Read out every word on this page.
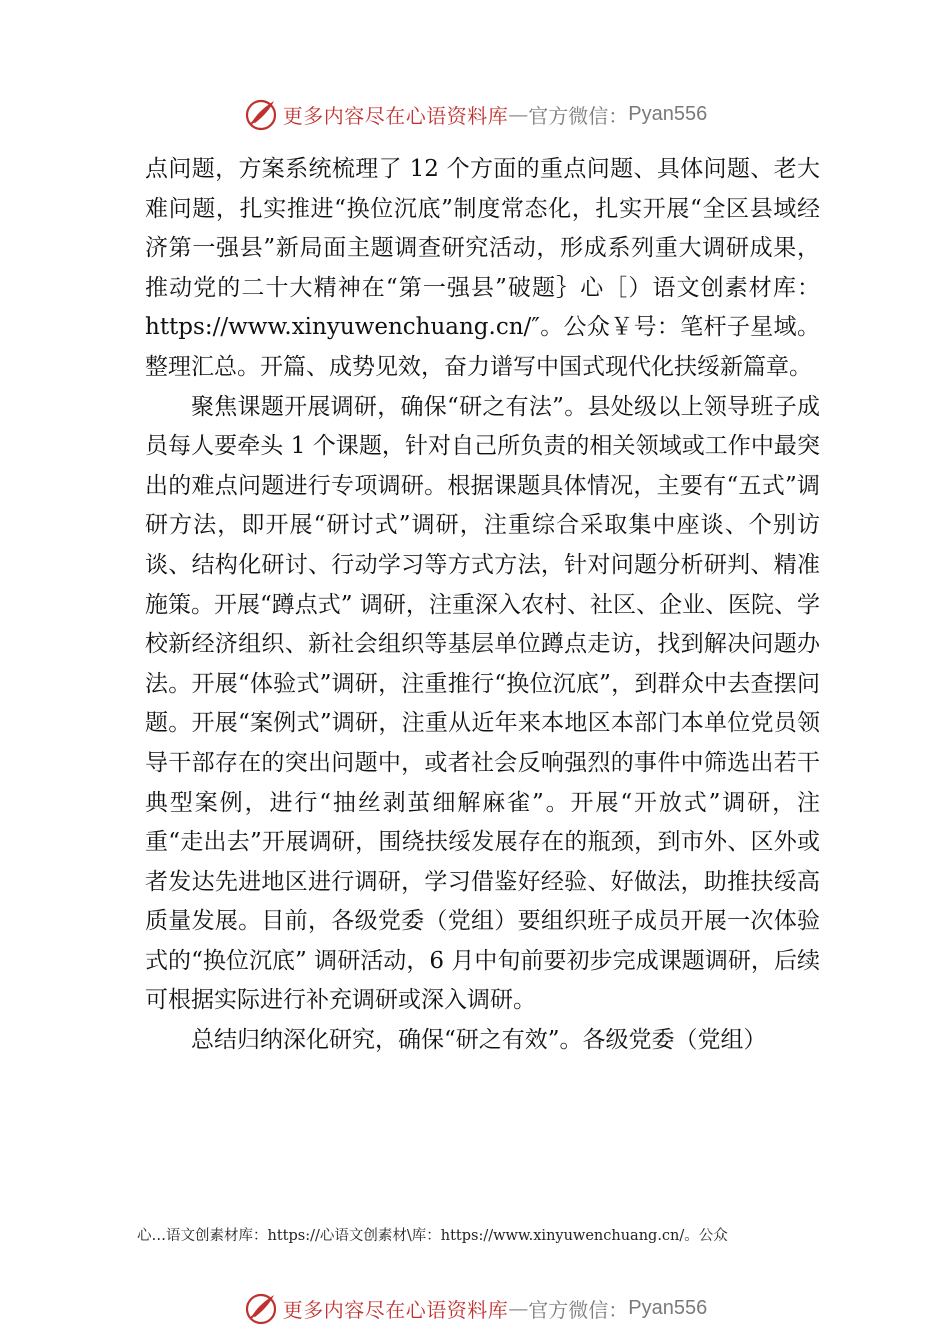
更多内容尽在心语资料库 — 官方微信： Pyan556

点问题，方案系统梳理了 12 个方面的重点问题、具体问题、老大难问题，扎实推进“换位沉底”制度常态化，扎实开展“全区县域经济第一强县”新局面主题调查研究活动，形成系列重大调研成果，推动党的二十大精神在“第一强县”破题｝心［）语文创素材库：https://www.xinyuwenchuang.cn/″。公众￥号：笔杆子星域。整理汇总。开篇、成势见效，奋力谱写中国式现代化扶绥新篇章。

聚焦课题开展调研，确保“研之有法”。县处级以上领导班子成员每人要牵头 1 个课题，针对自己所负责的相关领域或工作中最突出的难点问题进行专项调研。根据课题具体情况，主要有“五式”调研方法，即开展“研讨式”调研，注重综合采取集中座谈、个别访谈、结构化研讨、行动学习等方式方法，针对问题分析研判、精准施策。开展“蹲点式” 调研，注重深入农村、社区、企业、医院、学校新经济组织、新社会组织等基层单位蹲点走访，找到解决问题办法。开展“体验式”调研，注重推行“换位沉底”，到群众中去查摆问题。开展“案例式”调研，注重从近年来本地区本部门本单位党员领导干部存在的突出问题中，或者社会反响强烈的事件中筛选出若干典型案例，进行“抽丝剥茧细解麻雀”。开展“开放式”调研，注重“走出去”开展调研，围绕扶绥发展存在的瓶颈，到市外、区外或者发达先进地区进行调研，学习借鉴好经验、好做法，助推扶绥高质量发展。目前，各级党委（党组）要组织班子成员开展一次体验式的“换位沉底” 调研活动，6 月中旬前要初步完成课题调研，后续可根据实际进行补充调研或深入调研。

总结归纳深化研究，确保“研之有效”。各级党委（党组）

心…语文创素材库：https://心语文创素材\库：https://www.xinyuwenchuang.cn/。公众
更多内容尽在心语资料库 — 官方微信： Pyan556
